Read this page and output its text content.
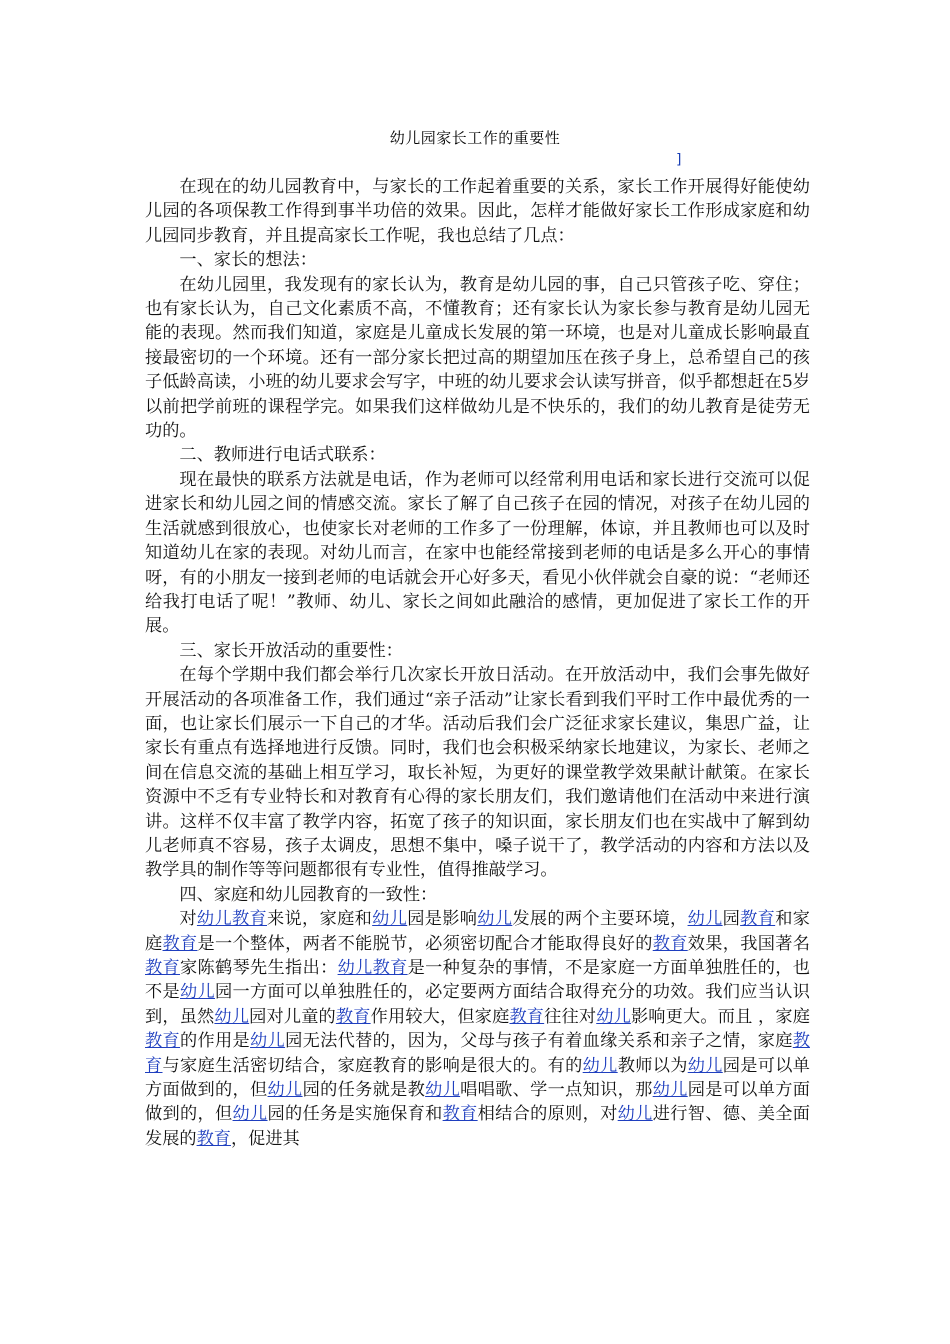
幼儿园家长工作的重要性
]

在现在的幼儿园教育中，与家长的工作起着重要的关系，家长工作开展得好能使幼儿园的各项保教工作得到事半功倍的效果。因此，怎样才能做好家长工作形成家庭和幼儿园同步教育，并且提高家长工作呢，我也总结了几点：

一、家长的想法：

在幼儿园里，我发现有的家长认为，教育是幼儿园的事，自己只管孩子吃、穿住；也有家长认为，自己文化素质不高，不懂教育；还有家长认为家长参与教育是幼儿园无能的表现。然而我们知道，家庭是儿童成长发展的第一环境，也是对儿童成长影响最直接最密切的一个环境。还有一部分家长把过高的期望加压在孩子身上，总希望自己的孩子低龄高读，小班的幼儿要求会写字，中班的幼儿要求会认读写拼音，似乎都想赶在5岁以前把学前班的课程学完。如果我们这样做幼儿是不快乐的，我们的幼儿教育是徒劳无功的。

二、教师进行电话式联系：

现在最快的联系方法就是电话，作为老师可以经常利用电话和家长进行交流可以促进家长和幼儿园之间的情感交流。家长了解了自己孩子在园的情况，对孩子在幼儿园的生活就感到很放心，也使家长对老师的工作多了一份理解，体谅，并且教师也可以及时知道幼儿在家的表现。对幼儿而言，在家中也能经常接到老师的电话是多么开心的事情呀，有的小朋友一接到老师的电话就会开心好多天，看见小伙伴就会自豪的说：“老师还给我打电话了呢！”教师、幼儿、家长之间如此融洽的感情，更加促进了家长工作的开展。

三、家长开放活动的重要性：

在每个学期中我们都会举行几次家长开放日活动。在开放活动中，我们会事先做好开展活动的各项准备工作，我们通过“亲子活动”让家长看到我们平时工作中最优秀的一面，也让家长们展示一下自己的才华。活动后我们会广泛征求家长建议，集思广益，让家长有重点有选择地进行反馈。同时，我们也会积极采纳家长地建议，为家长、老师之间在信息交流的基础上相互学习，取长补短，为更好的课堂教学效果献计献策。在家长资源中不乏有专业特长和对教育有心得的家长朋友们，我们邀请他们在活动中来进行演讲。这样不仅丰富了教学内容，拓宽了孩子的知识面，家长朋友们也在实战中了解到幼儿老师真不容易，孩子太调皮，思想不集中，嗓子说干了，教学活动的内容和方法以及教学具的制作等等问题都很有专业性，值得推敲学习。

四、家庭和幼儿园教育的一致性：

对幼儿教育来说，家庭和幼儿园是影响幼儿发展的两个主要环境，幼儿园教育和家庭教育是一个整体，两者不能脱节，必须密切配合才能取得良好的教育效果，我国著名教育家陈鹤琴先生指出：幼儿教育是一种复杂的事情，不是家庭一方面单独胜任的，也不是幼儿园一方面可以单独胜任的，必定要两方面结合取得充分的功效。我们应当认识到，虽然幼儿园对儿童的教育作用较大，但家庭教育往往对幼儿影响更大。而且 ，家庭教育的作用是幼儿园无法代替的，因为，父母与孩子有着血缘关系和亲子之情，家庭教育与家庭生活密切结合，家庭教育的影响是很大的。有的幼儿教师以为幼儿园是可以单方面做到的，但幼儿园的任务就是教幼儿唱唱歌、学一点知识，那幼儿园是可以单方面做到的，但幼儿园的任务是实施保育和教育相结合的原则，对幼儿进行智、德、美全面发展的教育，促进其
